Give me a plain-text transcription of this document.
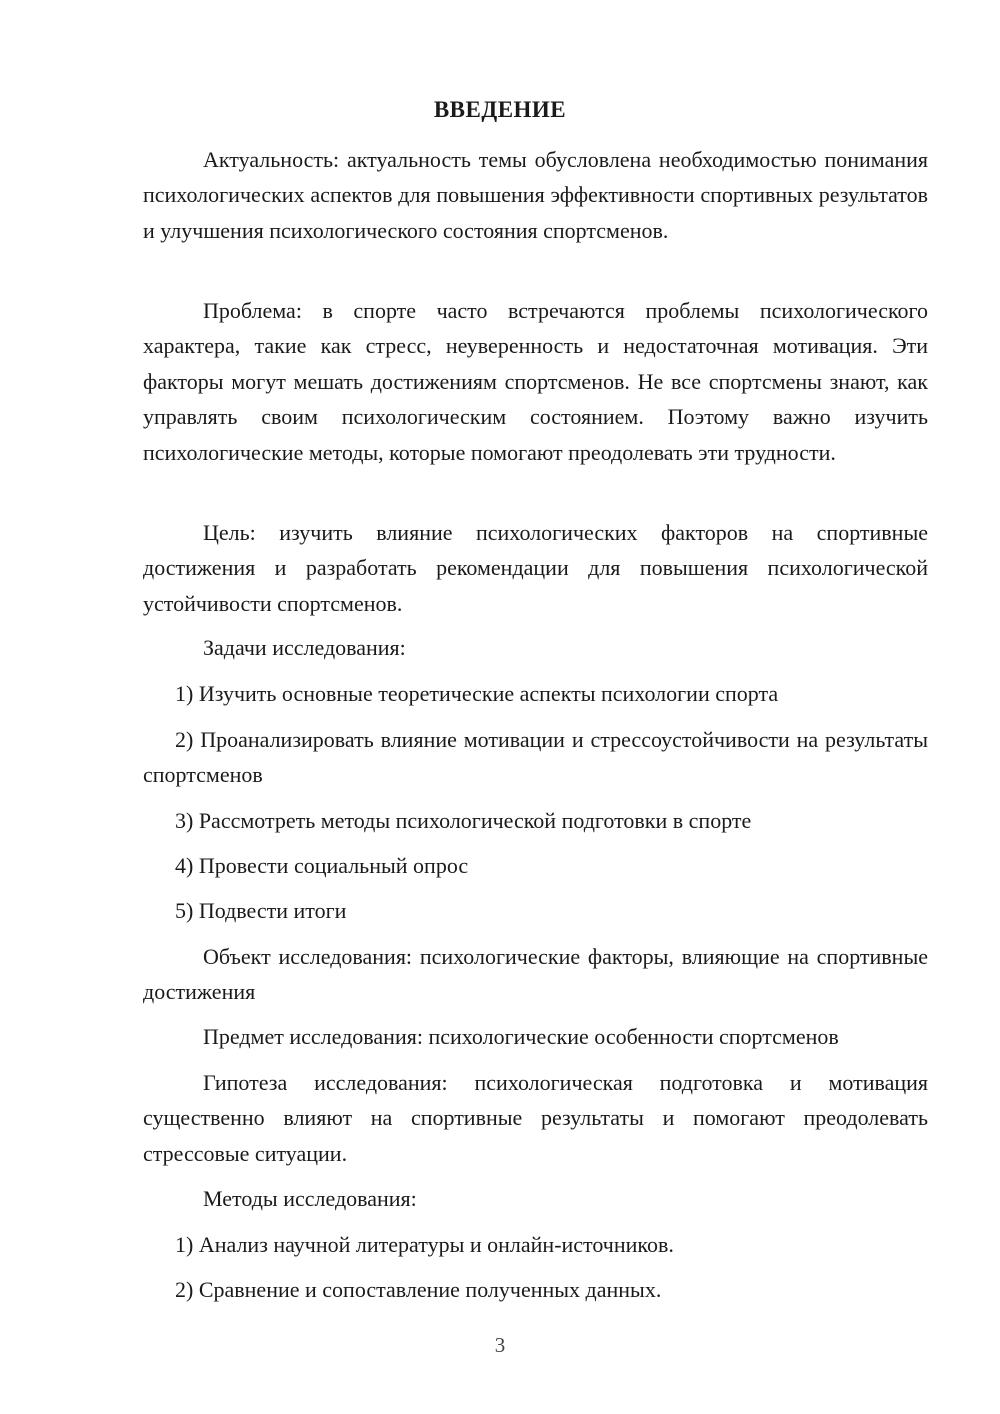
ВВЕДЕНИЕ

Актуальность: актуальность темы обусловлена необходимостью понимания психологических аспектов для повышения эффективности спортивных результатов и улучшения психологического состояния спортсменов.

Проблема: в спорте часто встречаются проблемы психологического характера, такие как стресс, неуверенность и недостаточная мотивация. Эти факторы могут мешать достижениям спортсменов. Не все спортсмены знают, как управлять своим психологическим состоянием. Поэтому важно изучить психологические методы, которые помогают преодолевать эти трудности.

Цель: изучить влияние психологических факторов на спортивные достижения и разработать рекомендации для повышения психологической устойчивости спортсменов.

Задачи исследования:
1) Изучить основные теоретические аспекты психологии спорта

2) Проанализировать влияние мотивации и стрессоустойчивости на результаты спортсменов

3) Рассмотреть методы психологической подготовки в спорте
4) Провести социальный опрос
5) Подвести итоги

Объект исследования: психологические факторы, влияющие на спортивные достижения

Предмет исследования: психологические особенности спортсменов

Гипотеза исследования: психологическая подготовка и мотивация существенно влияют на спортивные результаты и помогают преодолевать стрессовые ситуации.

Методы исследования:
1) Анализ научной литературы и онлайн-источников.
2) Сравнение и сопоставление полученных данных.
3
